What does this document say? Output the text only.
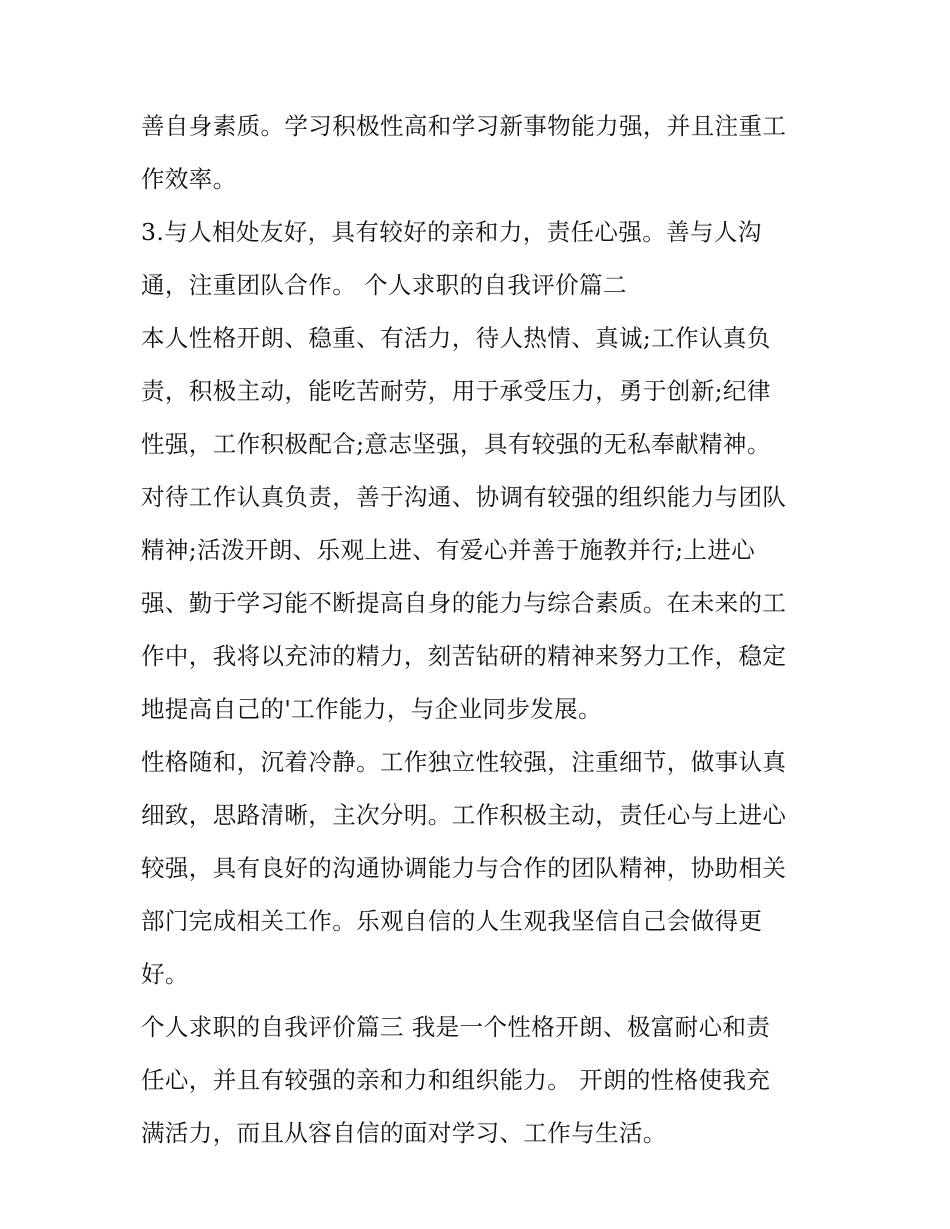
善自身素质。学习积极性高和学习新事物能力强，并且注重工
作效率。
3.与人相处友好，具有较好的亲和力，责任心强。善与人沟
通，注重团队合作。 个人求职的自我评价篇二
本人性格开朗、稳重、有活力，待人热情、真诚;工作认真负
责，积极主动，能吃苦耐劳，用于承受压力，勇于创新;纪律
性强，工作积极配合;意志坚强，具有较强的无私奉献精神。
对待工作认真负责，善于沟通、协调有较强的组织能力与团队
精神;活泼开朗、乐观上进、有爱心并善于施教并行;上进心
强、勤于学习能不断提高自身的能力与综合素质。在未来的工
作中，我将以充沛的精力，刻苦钻研的精神来努力工作，稳定
地提高自己的'工作能力，与企业同步发展。
性格随和，沉着冷静。工作独立性较强，注重细节，做事认真
细致，思路清晰，主次分明。工作积极主动，责任心与上进心
较强，具有良好的沟通协调能力与合作的团队精神，协助相关
部门完成相关工作。乐观自信的人生观我坚信自己会做得更
好。
个人求职的自我评价篇三 我是一个性格开朗、极富耐心和责
任心，并且有较强的亲和力和组织能力。 开朗的性格使我充
满活力，而且从容自信的面对学习、工作与生活。
